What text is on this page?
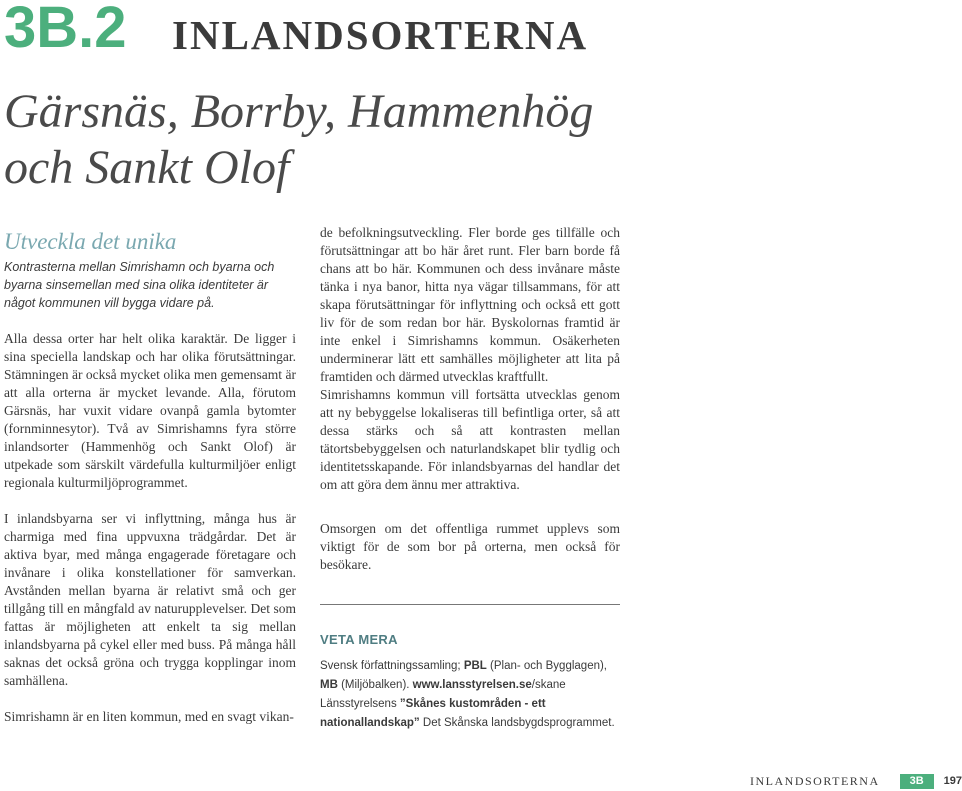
3B.2 INLANDSORTERNA
Gärsnäs, Borrby, Hammenhög
och Sankt Olof
Utveckla det unika

Kontrasterna mellan Simrishamn och byarna och byarna sinsemellan med sina olika identiteter är något kommunen vill bygga vidare på.

Alla dessa orter har helt olika karaktär. De ligger i sina speciella landskap och har olika förutsättningar. Stämningen är också mycket olika men gemensamt är att alla orterna är mycket levande. Alla, förutom Gärsnäs, har vuxit vidare ovanpå gamla bytomter (fornminnesytor). Två av Simrishamns fyra större inlandsorter (Hammenhög och Sankt Olof) är utpekade som särskilt värdefulla kulturmiljöer enligt regionala kulturmiljöprogrammet.

I inlandsbyarna ser vi inflyttning, många hus är charmiga med fina uppvuxna trädgårdar. Det är aktiva byar, med många engagerade företagare och invånare i olika konstellationer för samverkan. Avstånden mellan byarna är relativt små och ger tillgång till en mångfald av naturupplevelser. Det som fattas är möjligheten att enkelt ta sig mellan inlandsbyarna på cykel eller med buss. På många håll saknas det också gröna och trygga kopplingar inom samhällena.

Simrishamn är en liten kommun, med en svagt vikan-

de befolkningsutveckling. Fler borde ges tillfälle och förutsättningar att bo här året runt. Fler barn borde få chans att bo här. Kommunen och dess invånare måste tänka i nya banor, hitta nya vägar tillsammans, för att skapa förutsättningar för inflyttning och också ett gott liv för de som redan bor här. Byskolornas framtid är inte enkel i Simrishamns kommun. Osäkerheten underminerar lätt ett samhälles möjligheter att lita på framtiden och därmed utvecklas kraftfullt.

Simrishamns kommun vill fortsätta utvecklas genom att ny bebyggelse lokaliseras till befintliga orter, så att dessa stärks och så att kontrasten mellan tätortsbebyggelsen och naturlandskapet blir tydlig och identitetsskapande. För inlandsbyarnas del handlar det om att göra dem ännu mer attraktiva.

Omsorgen om det offentliga rummet upplevs som viktigt för de som bor på orterna, men också för besökare.

VETA MERA

Svensk författningssamling; PBL (Plan- och Bygglagen), MB (Miljöbalken). www.lansstyrelsen.se/skane

Länsstyrelsens ”Skånes kustområden - ett nationallandskap” Det Skånska landsbygdsprogrammet.

INLANDSORTERNA	3B	197
